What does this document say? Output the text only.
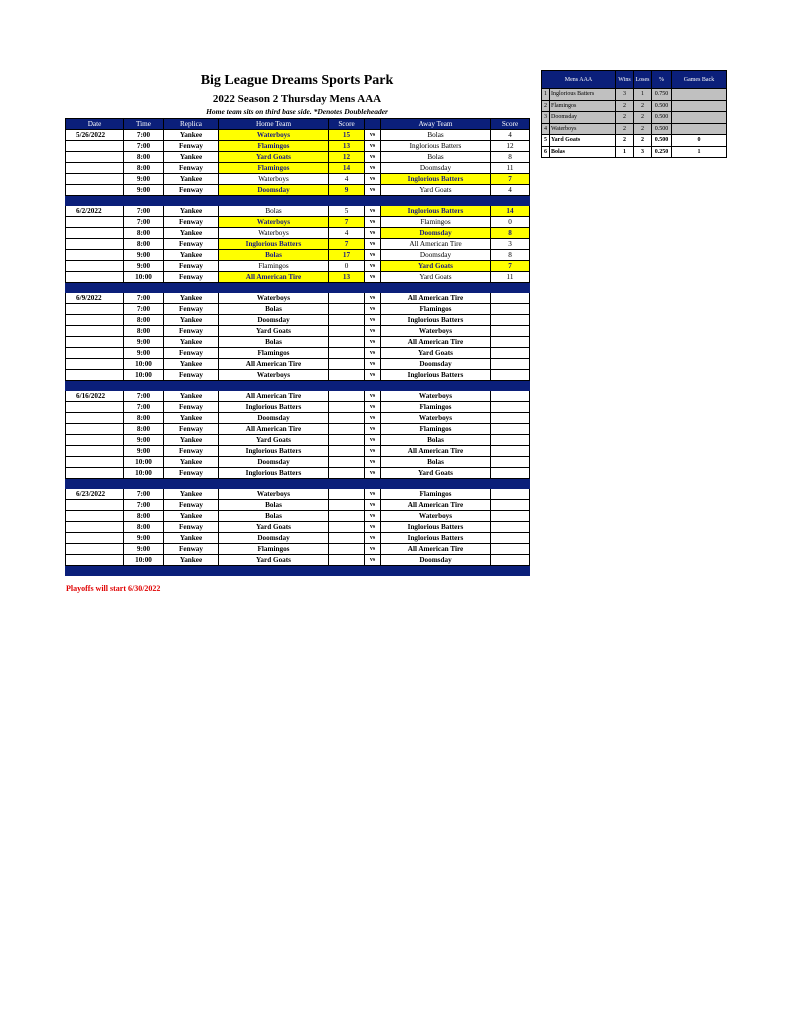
Big League Dreams Sports Park
2022 Season 2 Thursday Mens AAA
Home team sits on third base side. *Denotes Doubleheader
Date	Time	Replica	Home Team	Score		Away Team	Score
5/26/2022	7:00	Yankee	Waterboys	15	vs	Bolas	4
	7:00	Fenway	Flamingos	13	vs	Inglorious Batters	12
	8:00	Yankee	Yard Goats	12	vs	Bolas	8
	8:00	Fenway	Flamingos	14	vs	Doomsday	11
	9:00	Yankee	Waterboys	4	vs	Inglorious Batters	7
	9:00	Fenway	Doomsday	9	vs	Yard Goats	4

6/2/2022	7:00	Yankee	Bolas	5	vs	Inglorious Batters	14
	7:00	Fenway	Waterboys	7	vs	Flamingos	0
	8:00	Yankee	Waterboys	4	vs	Doomsday	8
	8:00	Fenway	Inglorious Batters	7	vs	All American Tire	3
	9:00	Yankee	Bolas	17	vs	Doomsday	8
	9:00	Fenway	Flamingos	0	vs	Yard Goats	7
	10:00	Fenway	All American Tire	13	vs	Yard Goats	11

6/9/2022	7:00	Yankee	Waterboys		vs	All American Tire	
	7:00	Fenway	Bolas		vs	Flamingos	
	8:00	Yankee	Doomsday		vs	Inglorious Batters	
	8:00	Fenway	Yard Goats		vs	Waterboys	
	9:00	Yankee	Bolas		vs	All American Tire	
	9:00	Fenway	Flamingos		vs	Yard Goats	
	10:00	Yankee	All American Tire		vs	Doomsday	
	10:00	Fenway	Waterboys		vs	Inglorious Batters	

6/16/2022	7:00	Yankee	All American Tire		vs	Waterboys	
	7:00	Fenway	Inglorious Batters		vs	Flamingos	
	8:00	Yankee	Doomsday		vs	Waterboys	
	8:00	Fenway	All American Tire		vs	Flamingos	
	9:00	Yankee	Yard Goats		vs	Bolas	
	9:00	Fenway	Inglorious Batters		vs	All American Tire	
	10:00	Yankee	Doomsday		vs	Bolas	
	10:00	Fenway	Inglorious Batters		vs	Yard Goats	

6/23/2022	7:00	Yankee	Waterboys		vs	Flamingos	
	7:00	Fenway	Bolas		vs	All American Tire	
	8:00	Yankee	Bolas		vs	Waterboys	
	8:00	Fenway	Yard Goats		vs	Inglorious Batters	
	9:00	Yankee	Doomsday		vs	Inglorious Batters	
	9:00	Fenway	Flamingos		vs	All American Tire	
	10:00	Yankee	Yard Goats		vs	Doomsday	

Mens AAA		Wins	Loses	%	Games Back
1	Inglorious Batters	3	1	0.750	
2	Flamingos	2	2	0.500	
3	Doomsday	2	2	0.500	
4	Waterboys	2	2	0.500	
5	Yard Goats	2	2	0.500	0
6	Bolas	1	3	0.250	1
Playoffs will start 6/30/2022
